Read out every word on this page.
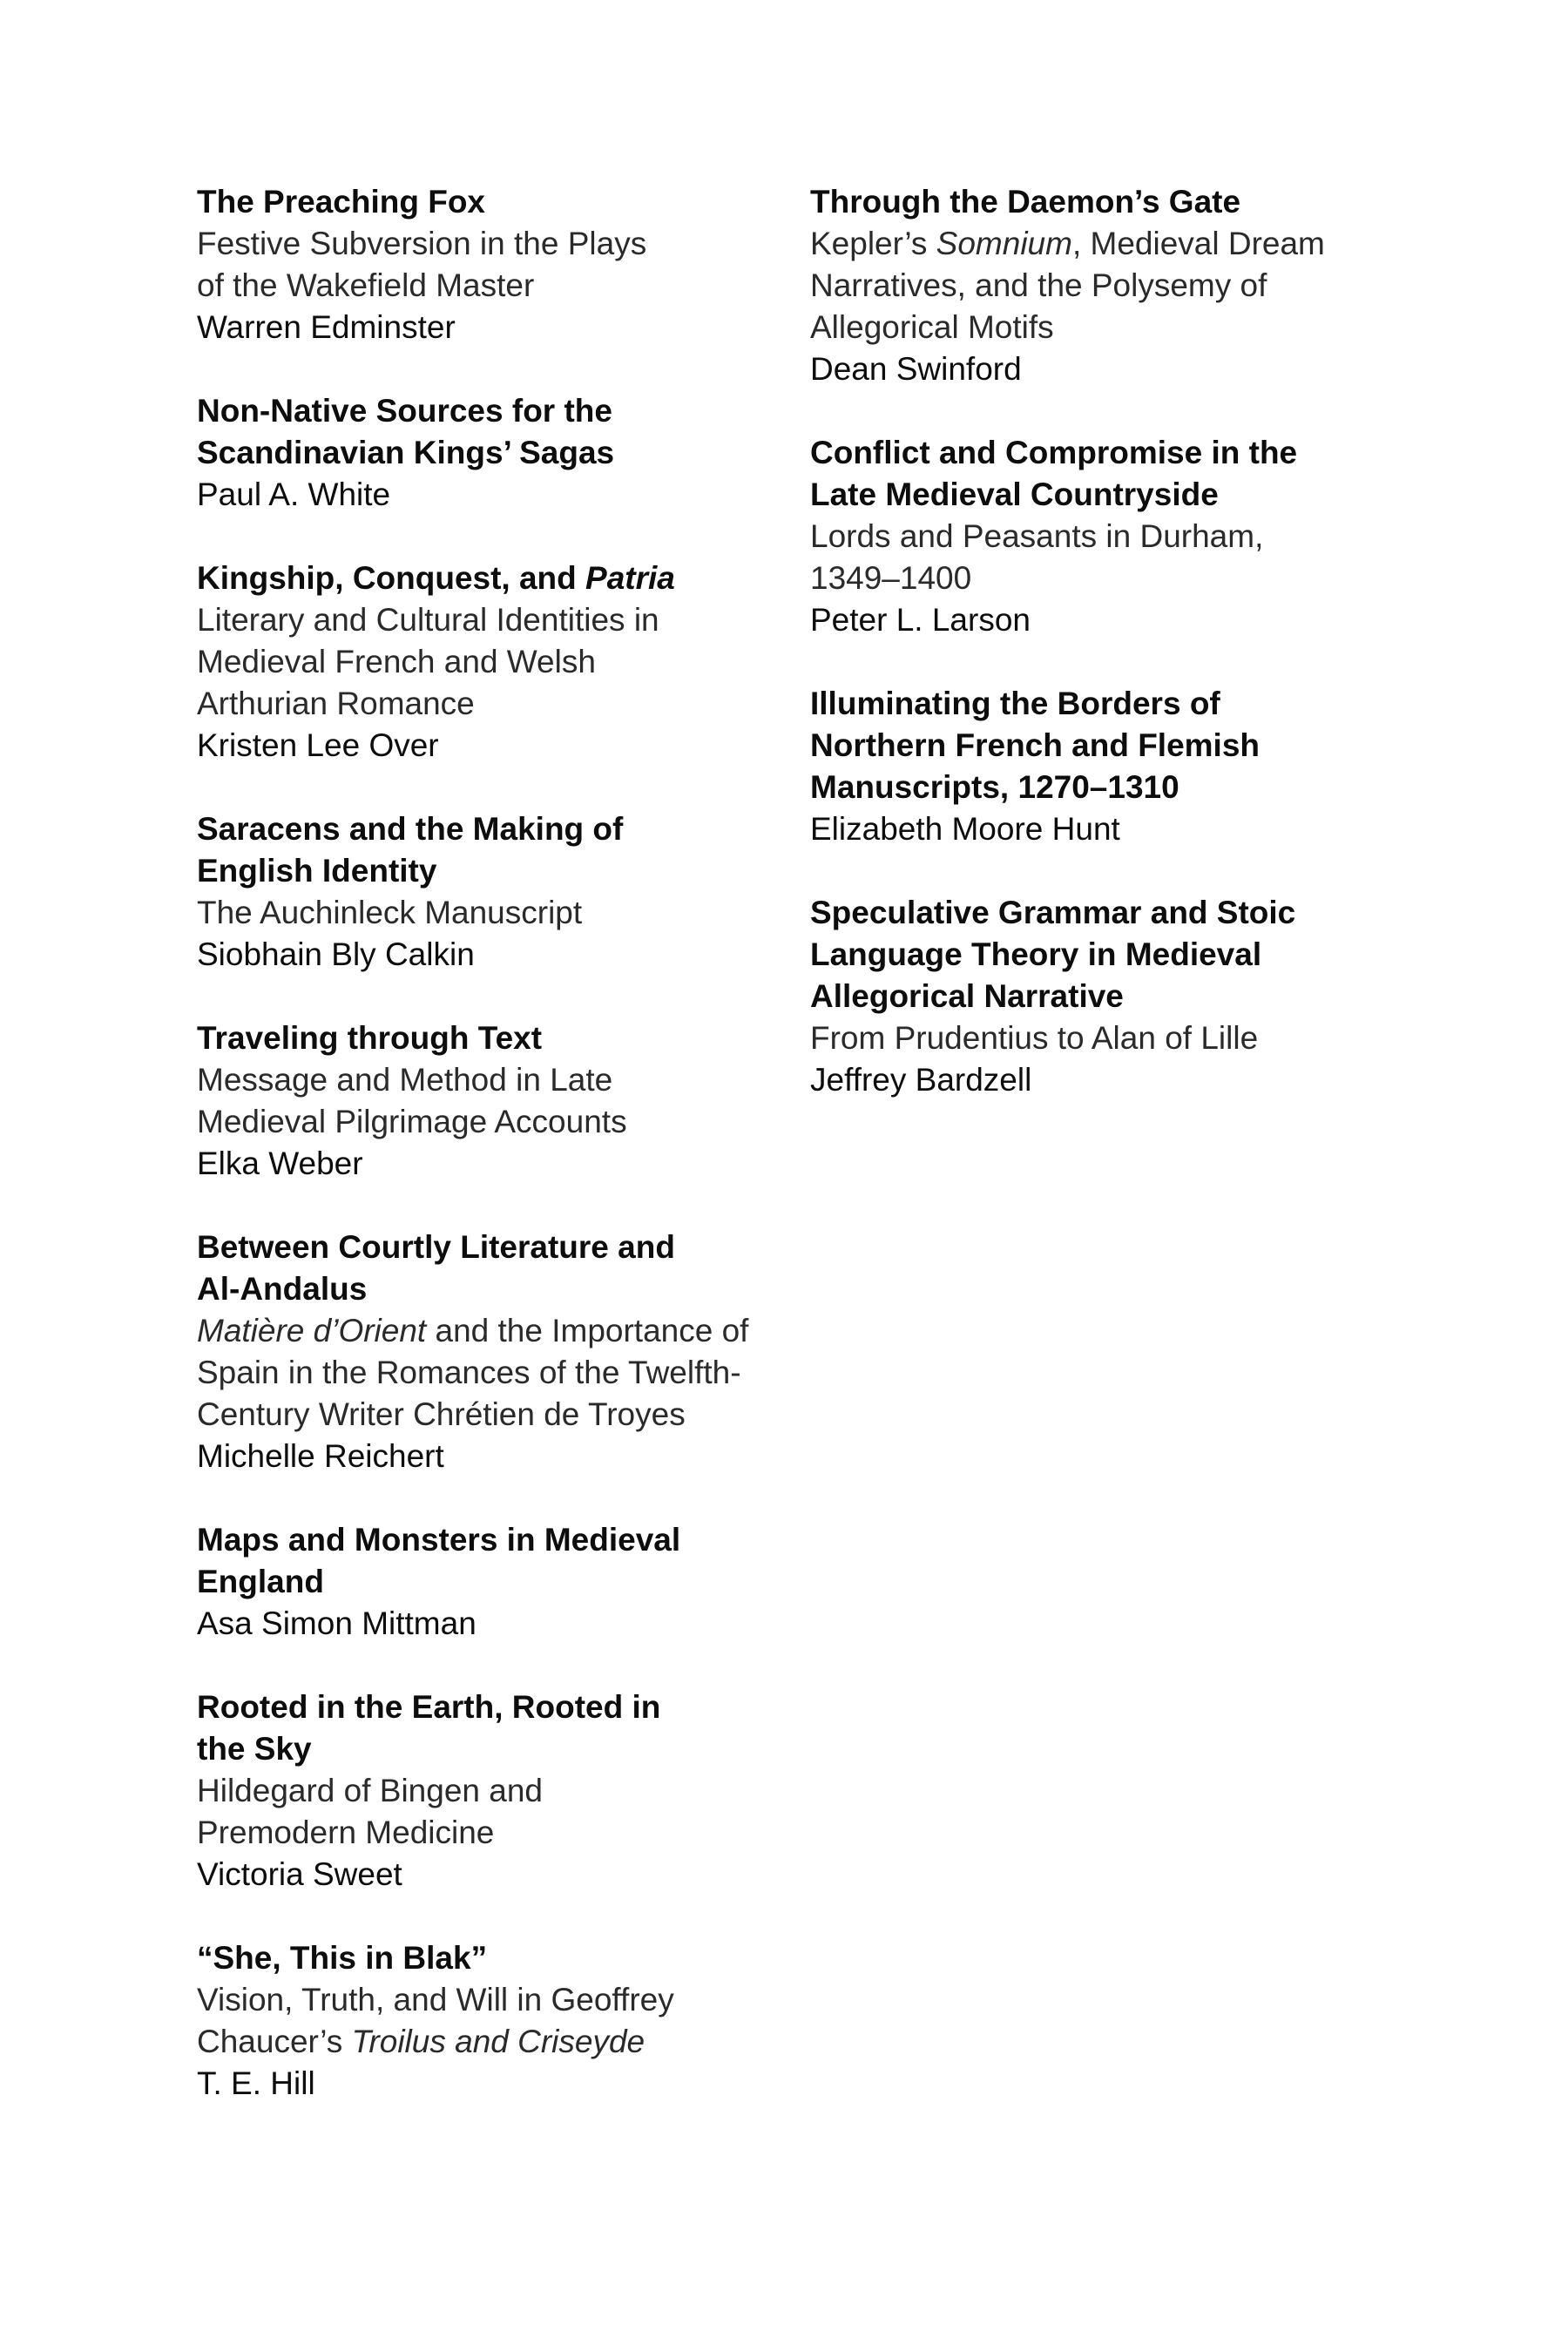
The Preaching Fox
Festive Subversion in the Plays
of the Wakefield Master
Warren Edminster
Non-Native Sources for the
Scandinavian Kings’ Sagas
Paul A. White
Kingship, Conquest, and Patria
Literary and Cultural Identities in
Medieval French and Welsh
Arthurian Romance
Kristen Lee Over
Saracens and the Making of
English Identity
The Auchinleck Manuscript
Siobhain Bly Calkin
Traveling through Text
Message and Method in Late
Medieval Pilgrimage Accounts
Elka Weber
Between Courtly Literature and
Al-Andalus
Matière d’Orient and the Importance of
Spain in the Romances of the Twelfth-
Century Writer Chrétien de Troyes
Michelle Reichert
Maps and Monsters in Medieval
England
Asa Simon Mittman
Rooted in the Earth, Rooted in
the Sky
Hildegard of Bingen and
Premodern Medicine
Victoria Sweet
“She, This in Blak”
Vision, Truth, and Will in Geoffrey
Chaucer’s Troilus and Criseyde
T. E. Hill
Through the Daemon’s Gate
Kepler’s Somnium, Medieval Dream
Narratives, and the Polysemy of
Allegorical Motifs
Dean Swinford
Conflict and Compromise in the
Late Medieval Countryside
Lords and Peasants in Durham,
1349–1400
Peter L. Larson
Illuminating the Borders of
Northern French and Flemish
Manuscripts, 1270–1310
Elizabeth Moore Hunt
Speculative Grammar and Stoic
Language Theory in Medieval
Allegorical Narrative
From Prudentius to Alan of Lille
Jeffrey Bardzell
